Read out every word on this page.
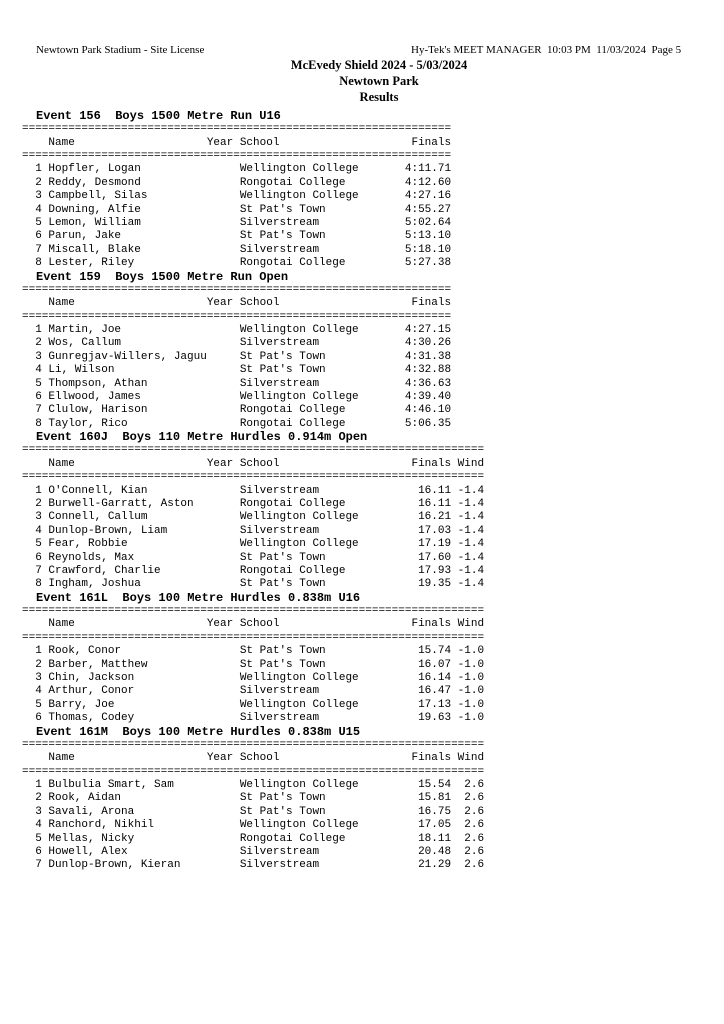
Newtown Park Stadium - Site License	Hy-Tek's MEET MANAGER  10:03 PM  11/03/2024  Page 5
McEvedy Shield 2024 - 5/03/2024
Newtown Park
Results
Event 156  Boys 1500 Metre Run U16
=================================================================
Name                    Year School                    Finals
=================================================================
1 Hopfler, Logan               Wellington College       4:11.71
2 Reddy, Desmond               Rongotai College         4:12.60
3 Campbell, Silas              Wellington College       4:27.16
4 Downing, Alfie               St Pat's Town            4:55.27
5 Lemon, William               Silverstream             5:02.64
6 Parun, Jake                  St Pat's Town            5:13.10
7 Miscall, Blake               Silverstream             5:18.10
8 Lester, Riley                Rongotai College         5:27.38
Event 159  Boys 1500 Metre Run Open
=================================================================
Name                    Year School                    Finals
=================================================================
1 Martin, Joe                  Wellington College       4:27.15
2 Wos, Callum                  Silverstream             4:30.26
3 Gunregjav-Willers, Jaguu     St Pat's Town            4:31.38
4 Li, Wilson                   St Pat's Town            4:32.88
5 Thompson, Athan              Silverstream             4:36.63
6 Ellwood, James               Wellington College       4:39.40
7 Clulow, Harison              Rongotai College         4:46.10
8 Taylor, Rico                 Rongotai College         5:06.35
Event 160J  Boys 110 Metre Hurdles 0.914m Open
======================================================================
Name                    Year School                    Finals Wind
======================================================================
1 O'Connell, Kian              Silverstream               16.11 -1.4
2 Burwell-Garratt, Aston       Rongotai College           16.11 -1.4
3 Connell, Callum              Wellington College         16.21 -1.4
4 Dunlop-Brown, Liam           Silverstream               17.03 -1.4
5 Fear, Robbie                 Wellington College         17.19 -1.4
6 Reynolds, Max                St Pat's Town              17.60 -1.4
7 Crawford, Charlie            Rongotai College           17.93 -1.4
8 Ingham, Joshua               St Pat's Town              19.35 -1.4
Event 161L  Boys 100 Metre Hurdles 0.838m U16
======================================================================
Name                    Year School                    Finals Wind
======================================================================
1 Rook, Conor                  St Pat's Town              15.74 -1.0
2 Barber, Matthew              St Pat's Town              16.07 -1.0
3 Chin, Jackson                Wellington College         16.14 -1.0
4 Arthur, Conor                Silverstream               16.47 -1.0
5 Barry, Joe                   Wellington College         17.13 -1.0
6 Thomas, Codey                Silverstream               19.63 -1.0
Event 161M  Boys 100 Metre Hurdles 0.838m U15
======================================================================
Name                    Year School                    Finals Wind
======================================================================
1 Bulbulia Smart, Sam          Wellington College         15.54  2.6
2 Rook, Aidan                  St Pat's Town              15.81  2.6
3 Savali, Arona                St Pat's Town              16.75  2.6
4 Ranchord, Nikhil             Wellington College         17.05  2.6
5 Mellas, Nicky                Rongotai College           18.11  2.6
6 Howell, Alex                 Silverstream               20.48  2.6
7 Dunlop-Brown, Kieran         Silverstream               21.29  2.6
